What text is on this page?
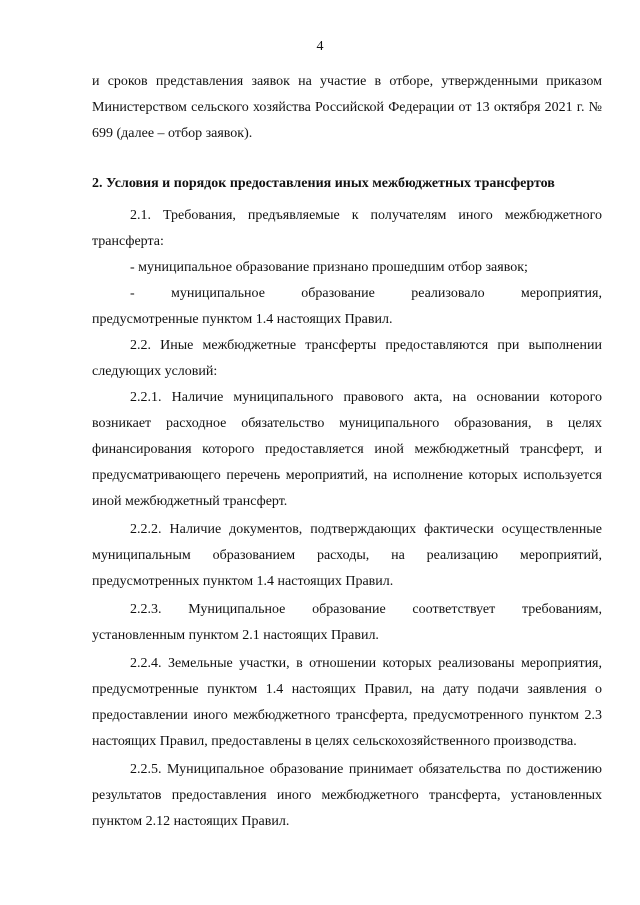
4

и сроков представления заявок на участие в отборе, утвержденными приказом Министерством сельского хозяйства Российской Федерации от 13 октября 2021 г. № 699 (далее – отбор заявок).

2. Условия и порядок предоставления иных межбюджетных трансфертов

2.1. Требования, предъявляемые к получателям иного межбюджетного трансферта:

- муниципальное образование признано прошедшим отбор заявок;

-	муниципальное	образование	реализовало	мероприятия,

предусмотренные пунктом 1.4 настоящих Правил.

2.2. Иные межбюджетные трансферты предоставляются при выполнении следующих условий:

2.2.1. Наличие муниципального правового акта, на основании которого возникает расходное обязательство муниципального образования, в целях финансирования которого предоставляется иной межбюджетный трансферт, и предусматривающего перечень мероприятий, на исполнение которых используется иной межбюджетный трансферт.

2.2.2. Наличие документов, подтверждающих фактически осуществленные муниципальным образованием расходы, на реализацию мероприятий, предусмотренных пунктом 1.4 настоящих Правил.

2.2.3. Муниципальное образование соответствует требованиям, установленным пунктом 2.1 настоящих Правил.

2.2.4. Земельные участки, в отношении которых реализованы мероприятия, предусмотренные пунктом 1.4 настоящих Правил, на дату подачи заявления о предоставлении иного межбюджетного трансферта, предусмотренного пунктом 2.3 настоящих Правил, предоставлены в целях сельскохозяйственного производства.

2.2.5. Муниципальное образование принимает обязательства по достижению результатов предоставления иного межбюджетного трансферта, установленных пунктом 2.12 настоящих Правил.
